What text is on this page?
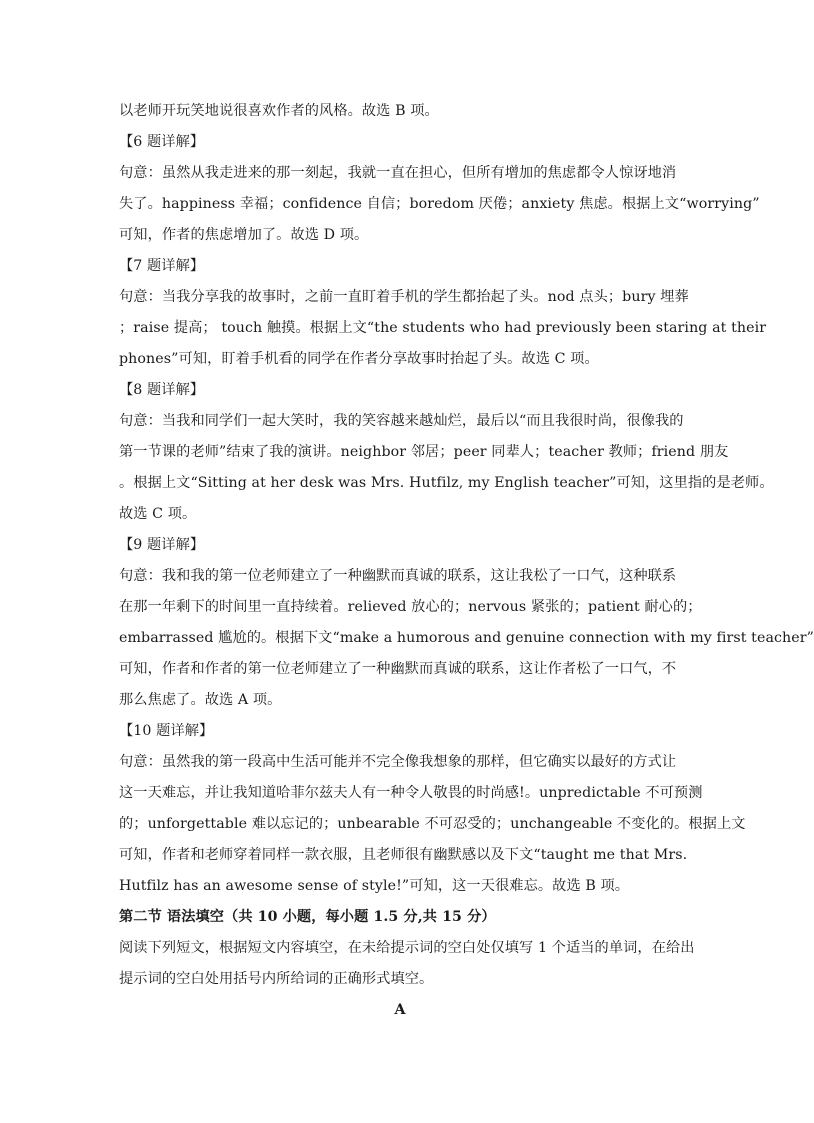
以老师开玩笑地说很喜欢作者的风格。故选 B 项。
【6 题详解】
句意：虽然从我走进来的那一刻起，我就一直在担心，但所有增加的焦虑都令人惊讶地消
失了。happiness 幸福；confidence 自信；boredom 厌倦；anxiety 焦虑。根据上文“worrying”
可知，作者的焦虑增加了。故选 D 项。
【7 题详解】
句意：当我分享我的故事时，之前一直盯着手机的学生都抬起了头。nod 点头；bury 埋葬
；raise 提高； touch 触摸。根据上文“the students who had previously been staring at their
phones”可知，盯着手机看的同学在作者分享故事时抬起了头。故选 C 项。
【8 题详解】
句意：当我和同学们一起大笑时，我的笑容越来越灿烂，最后以“而且我很时尚，很像我的
第一节课的老师”结束了我的演讲。neighbor 邻居；peer 同辈人；teacher 教师；friend 朋友
。根据上文“Sitting at her desk was Mrs. Hutfilz, my English teacher”可知，这里指的是老师。
故选 C 项。
【9 题详解】
句意：我和我的第一位老师建立了一种幽默而真诚的联系，这让我松了一口气，这种联系
在那一年剩下的时间里一直持续着。relieved 放心的；nervous 紧张的；patient 耐心的；
embarrassed 尴尬的。根据下文“make a humorous and genuine connection with my first teacher”
可知，作者和作者的第一位老师建立了一种幽默而真诚的联系，这让作者松了一口气，不
那么焦虑了。故选 A 项。
【10 题详解】
句意：虽然我的第一段高中生活可能并不完全像我想象的那样，但它确实以最好的方式让
这一天难忘，并让我知道哈菲尔兹夫人有一种令人敬畏的时尚感!。unpredictable 不可预测
的；unforgettable 难以忘记的；unbearable 不可忍受的；unchangeable 不变化的。根据上文
可知，作者和老师穿着同样一款衣服，且老师很有幽默感以及下文“taught me that Mrs.
Hutfilz has an awesome sense of style!”可知，这一天很难忘。故选 B 项。
第二节 语法填空（共 10 小题，每小题 1.5 分,共 15 分）
阅读下列短文，根据短文内容填空，在未给提示词的空白处仅填写 1 个适当的单词，在给出
提示词的空白处用括号内所给词的正确形式填空。
A
